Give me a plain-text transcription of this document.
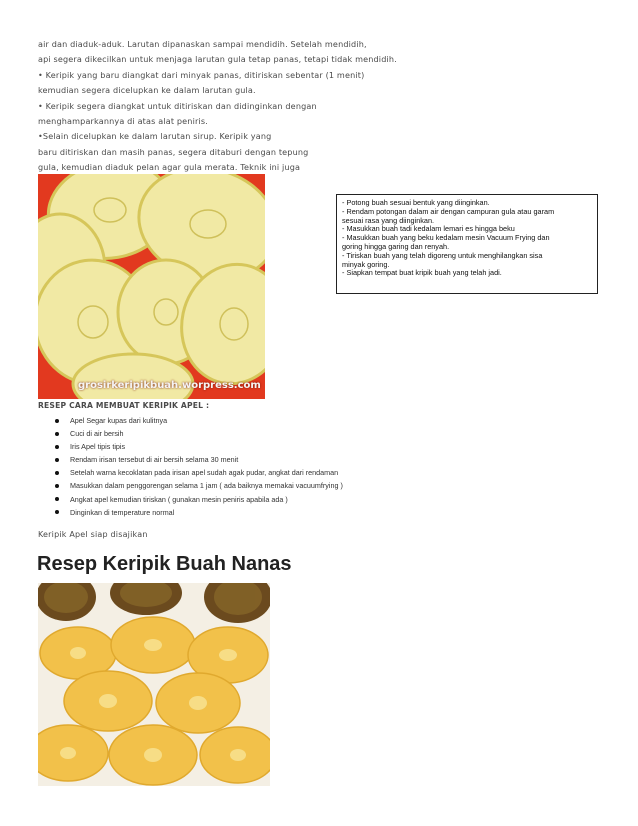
air dan diaduk-aduk. Larutan dipanaskan sampai mendidih. Setelah mendidih,
api segera dikecilkan untuk menjaga larutan gula tetap panas, tetapi tidak mendidih.
• Keripik yang baru diangkat dari minyak panas, ditiriskan sebentar (1 menit)
kemudian segera dicelupkan ke dalam larutan gula.
• Keripik segera diangkat untuk ditiriskan dan didinginkan dengan
menghamparkannya di atas alat peniris.
•Selain dicelupkan ke dalam larutan sirup. Keripik yang
baru ditiriskan dan masih panas, segera ditaburi dengan tepung
gula, kemudian diaduk pelan agar gula merata. Teknik ini juga
grosirkeripikbuah.worpress.com
- Potong buah sesuai bentuk yang diinginkan.
- Rendam potongan dalam air dengan campuran gula atau garam
sesuai rasa yang diinginkan.
- Masukkan buah tadi kedalam lemari es hingga beku
- Masukkan buah yang beku kedalam mesin Vacuum Frying dan
goring hingga garing dan renyah.
- Tiriskan buah yang telah digoreng untuk menghilangkan sisa
minyak goring.
- Siapkan tempat buat kripik buah yang telah jadi.
RESEP CARA MEMBUAT KERIPIK APEL :
Apel Segar kupas dari kulitnya
Cuci di air bersih
Iris Apel tipis tipis
Rendam irisan tersebut di air bersih selama 30 menit
Setelah warna kecoklatan pada irisan apel sudah agak pudar, angkat dari rendaman
Masukkan dalam penggorengan selama 1 jam ( ada baiknya memakai vacuumfrying )
Angkat apel kemudian tiriskan ( gunakan mesin peniris apabila ada )
Dinginkan di temperature normal
Keripik Apel siap disajikan
Resep Keripik Buah Nanas
